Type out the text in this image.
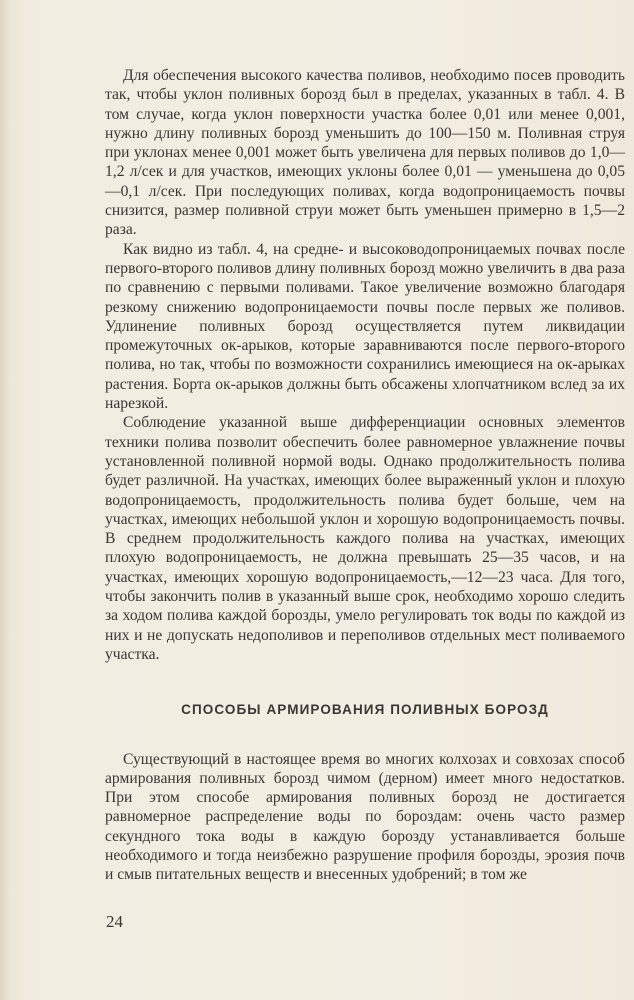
Для обеспечения высокого качества поливов, необходимо посев проводить так, чтобы уклон поливных борозд был в пределах, указанных в табл. 4. В том случае, когда уклон поверхности участка более 0,01 или менее 0,001, нужно длину поливных борозд уменьшить до 100—150 м. Поливная струя при уклонах менее 0,001 может быть увеличена для первых поливов до 1,0—1,2 л/сек и для участков, имеющих уклоны более 0,01 — уменьшена до 0,05—0,1 л/сек. При последующих поливах, когда водопроницаемость почвы снизится, размер поливной струи может быть уменьшен примерно в 1,5—2 раза.

Как видно из табл. 4, на средне- и высоководопроницаемых почвах после первого-второго поливов длину поливных борозд можно увеличить в два раза по сравнению с первыми поливами. Такое увеличение возможно благодаря резкому снижению водопроницаемости почвы после первых же поливов. Удлинение поливных борозд осуществляется путем ликвидации промежуточных ок-арыков, которые заравниваются после первого-второго полива, но так, чтобы по возможности сохранились имеющиеся на ок-арыках растения. Борта ок-арыков должны быть обсажены хлопчатником вслед за их нарезкой.

Соблюдение указанной выше дифференциации основных элементов техники полива позволит обеспечить более равномерное увлажнение почвы установленной поливной нормой воды. Однако продолжительность полива будет различной. На участках, имеющих более выраженный уклон и плохую водопроницаемость, продолжительность полива будет больше, чем на участках, имеющих небольшой уклон и хорошую водопроницаемость почвы. В среднем продолжительность каждого полива на участках, имеющих плохую водопроницаемость, не должна превышать 25—35 часов, и на участках, имеющих хорошую водопроницаемость,—12—23 часа. Для того, чтобы закончить полив в указанный выше срок, необходимо хорошо следить за ходом полива каждой борозды, умело регулировать ток воды по каждой из них и не допускать недополивов и переполивов отдельных мест поливаемого участка.

СПОСОБЫ АРМИРОВАНИЯ ПОЛИВНЫХ БОРОЗД

Существующий в настоящее время во многих колхозах и совхозах способ армирования поливных борозд чимом (дерном) имеет много недостатков. При этом способе армирования поливных борозд не достигается равномерное распределение воды по бороздам: очень часто размер секундного тока воды в каждую борозду устанавливается больше необходимого и тогда неизбежно разрушение профиля борозды, эрозия почв и смыв питательных веществ и внесенных удобрений; в том же

24
